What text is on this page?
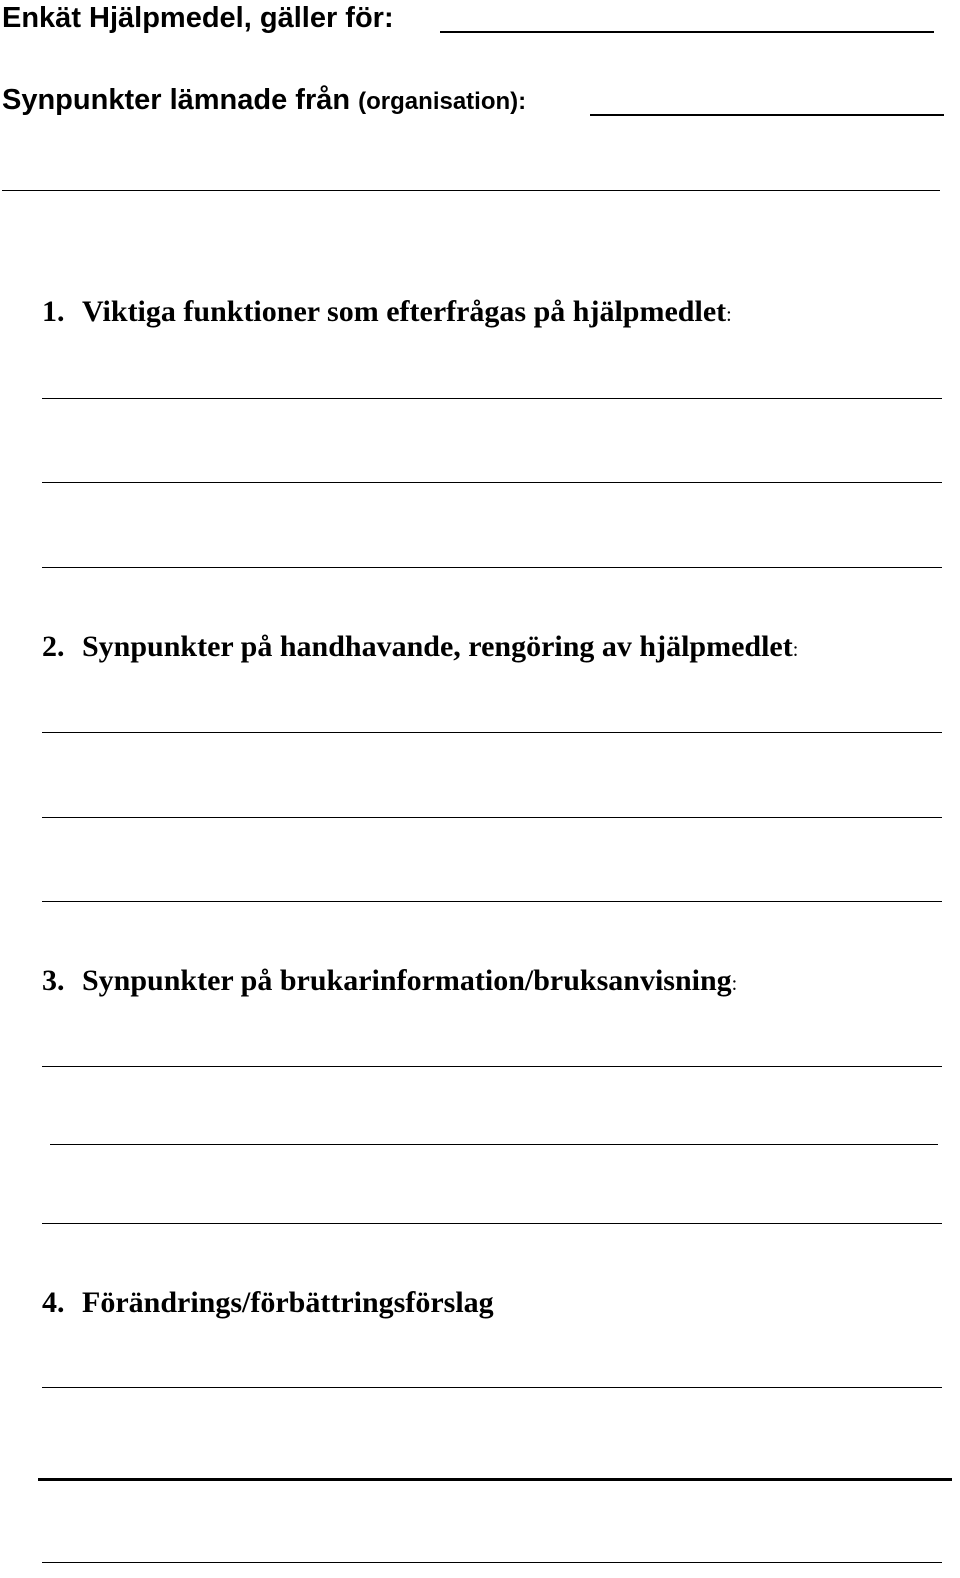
Enkät Hjälpmedel, gäller för:
Synpunkter lämnade från (organisation):
1. Viktiga funktioner som efterfrågas på hjälpmedlet:
2. Synpunkter på handhavande, rengöring av hjälpmedlet:
3. Synpunkter på brukarinformation/bruksanvisning:
4. Förändrings/förbättringsförslag
